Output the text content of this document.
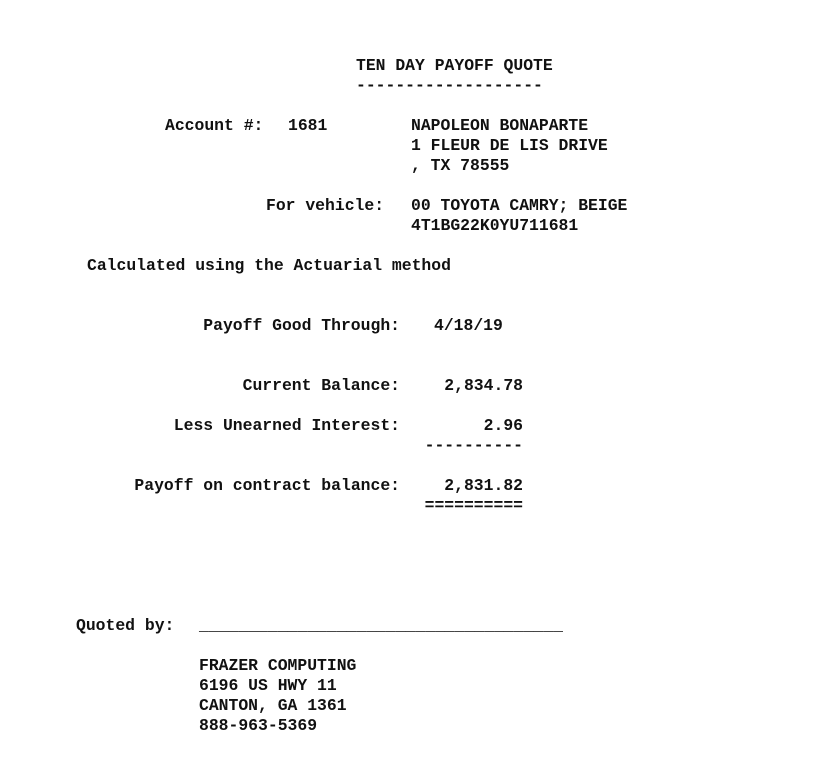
TEN DAY PAYOFF QUOTE
-------------------
Account #: 1681	NAPOLEON BONAPARTE
1 FLEUR DE LIS DRIVE
, TX 78555
For vehicle: 00 TOYOTA CAMRY; BEIGE
4T1BG22K0YU711681
Calculated using the Actuarial method
Payoff Good Through: 4/18/19
Current Balance:	2,834.78
Less Unearned Interest:	2.96
----------
Payoff on contract balance:	2,831.82
==========
Quoted by: _____________________________________
FRAZER COMPUTING
6196 US HWY 11
CANTON, GA 1361
888-963-5369
